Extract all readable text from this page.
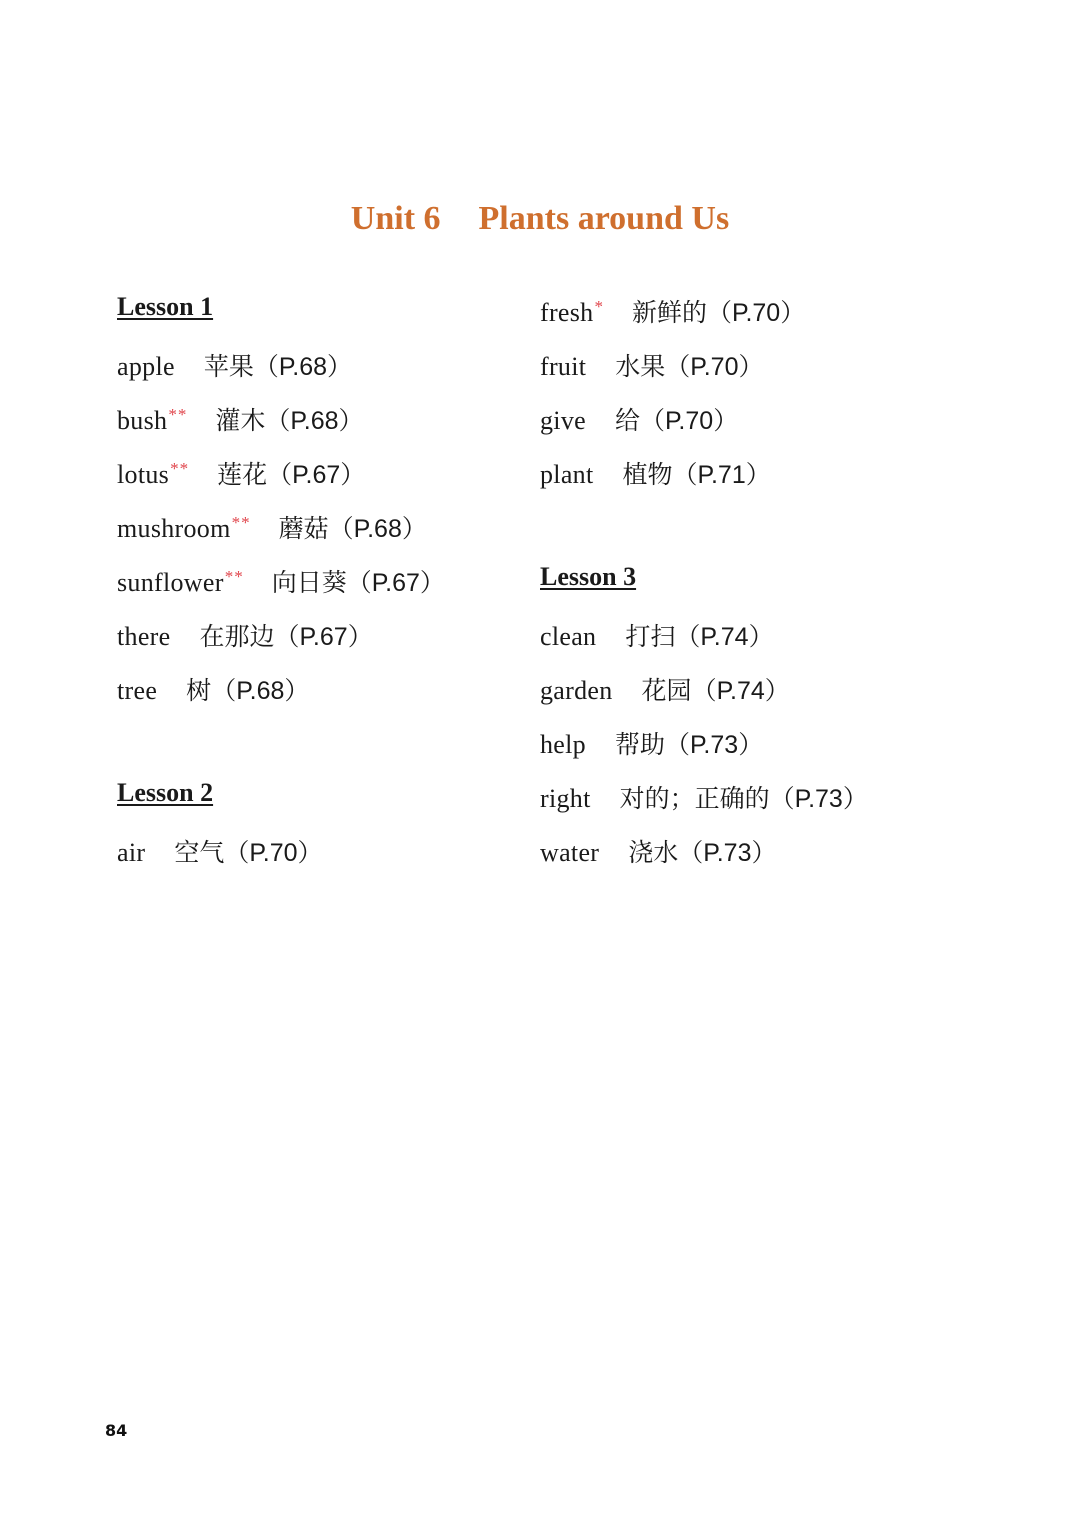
Unit 6 Plants around Us
Lesson 1
apple 苹果（P.68）
bush** 灌木（P.68）
lotus** 莲花（P.67）
mushroom** 蘑菇（P.68）
sunflower** 向日葵（P.67）
there 在那边（P.67）
tree 树（P.68）
Lesson 2
air 空气（P.70）
fresh* 新鲜的（P.70）
fruit 水果（P.70）
give 给（P.70）
plant 植物（P.71）
Lesson 3
clean 打扫（P.74）
garden 花园（P.74）
help 帮助（P.73）
right 对的；正确的（P.73）
water 浇水（P.73）
84
